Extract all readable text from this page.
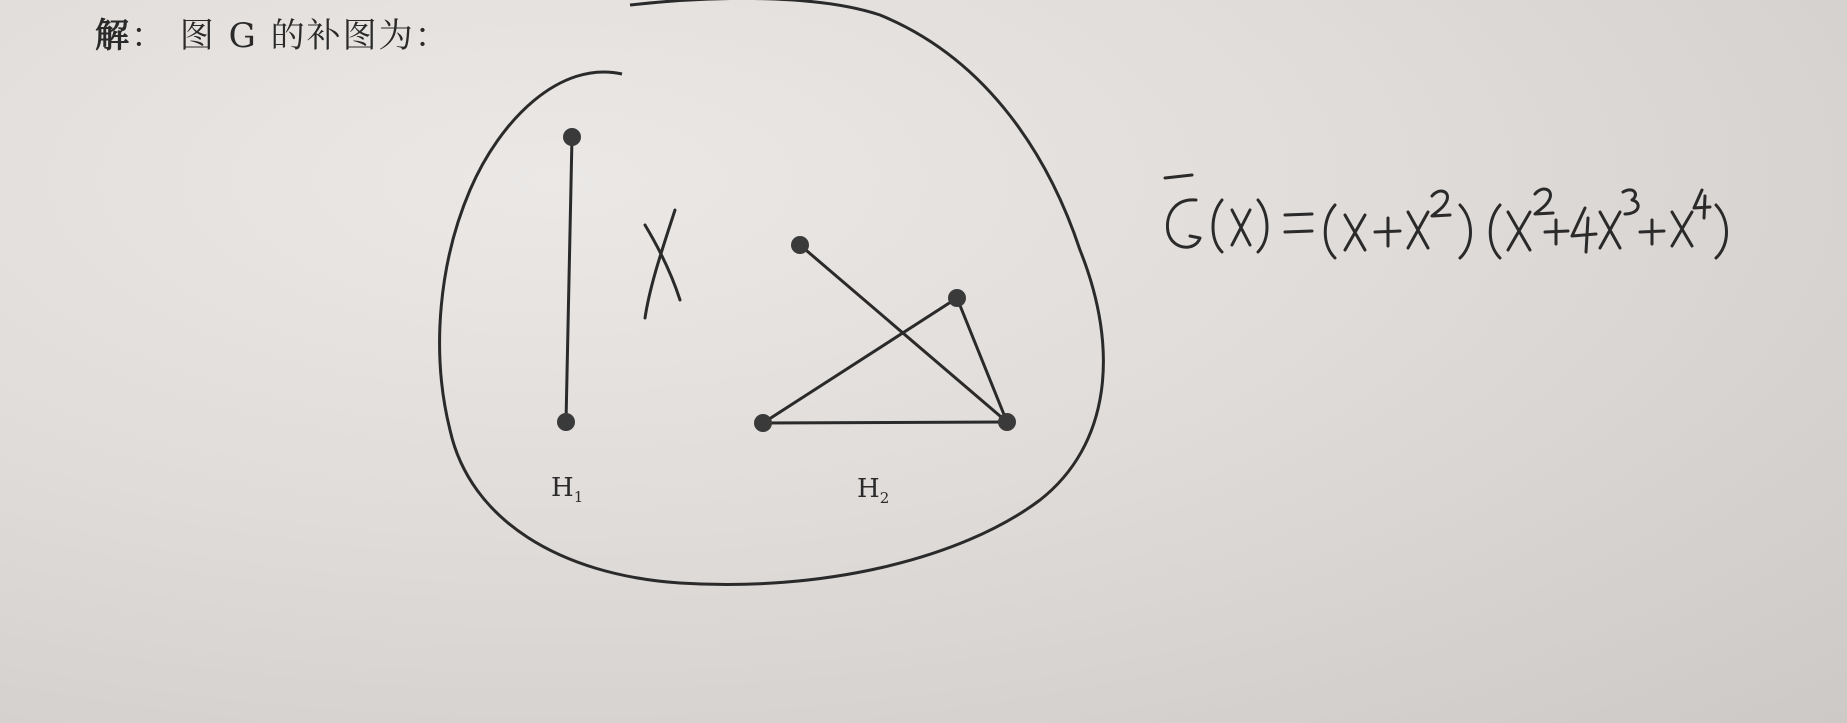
解： 图 G 的补图为：
$H_1$	$H_2$
